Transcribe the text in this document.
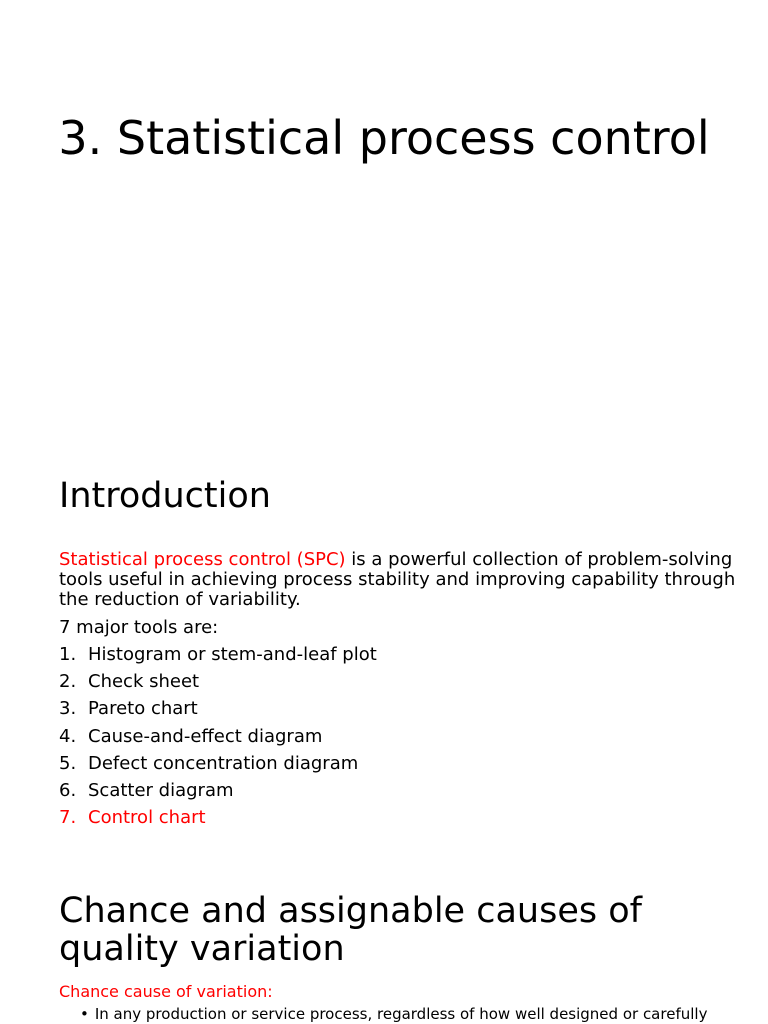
3. Statistical process control
Introduction

Statistical process control (SPC) is a powerful collection of problem-solving tools useful in achieving process stability and improving capability through the reduction of variability.

7 major tools are:

1. Histogram or stem-and-leaf plot
2. Check sheet
3. Pareto chart
4. Cause-and-effect diagram
5. Defect concentration diagram
6. Scatter diagram
7. Control chart
Chance and assignable causes of
quality variation

Chance cause of variation:

• In any production or service process, regardless of how well designed or carefully
